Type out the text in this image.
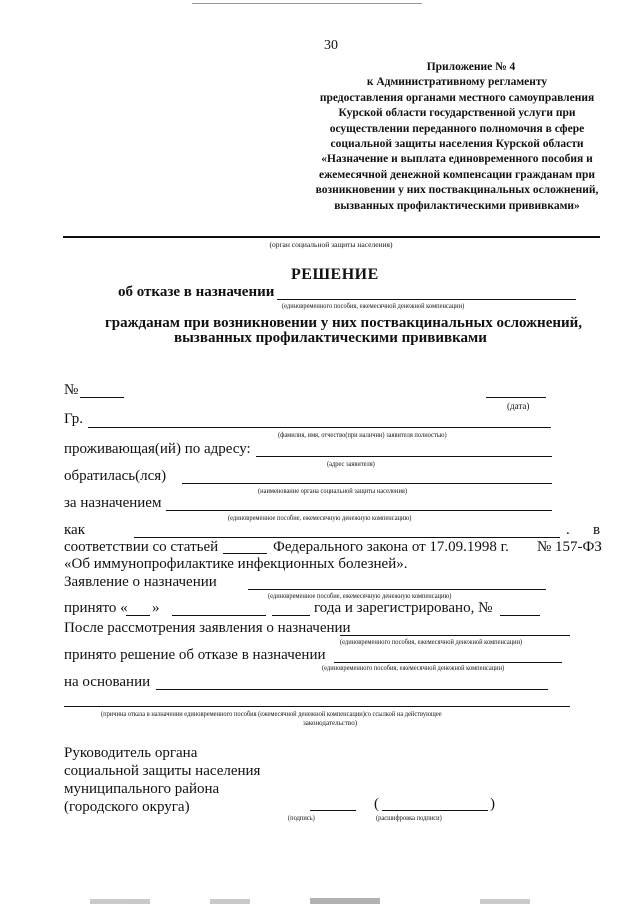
30
Приложение № 4
к Административному регламенту
предоставления органами местного самоуправления
Курской области государственной услуги при
осуществлении переданного полномочия в сфере
социальной защиты населения Курской области
«Назначение и выплата единовременного пособия и
ежемесячной денежной компенсации гражданам при
возникновении у них поствакцинальных осложнений,
вызванных профилактическими прививками»
(орган социальной защиты населения)
РЕШЕНИЕ
об отказе в назначении
(единовременного пособия, ежемесячной денежной компенсации)
гражданам при возникновении у них поствакцинальных осложнений,
вызванных профилактическими прививками
№
(дата)
Гр.
(фамилия, имя, отчество(при наличии) заявителя полностью)
проживающая(ий) по адресу:
(адрес заявителя)
обратилась(лся)
(наименование органа социальной защиты населения)
за назначением
(единовременное пособие, ежемесячную денежную компенсацию)
как	. в
соответствии со статьей	Федерального закона от 17.09.1998 г. № 157-ФЗ
«Об иммунопрофилактике инфекционных болезней».
Заявление о назначении
(единовременное пособие, ежемесячную денежную компенсацию)
принято « »	года и зарегистрировано, №
После рассмотрения заявления о назначении
(единовременного пособия, ежемесячной денежной компенсации)
принято решение об отказе в назначении
(единовременного пособия, ежемесячной денежной компенсации)
на основании
(причина отказа в назначении единовременного пособия (ежемесячной денежной компенсации)со ссылкой на действующее
законодательство)
Руководитель органа
социальной защиты населения
муниципального района
(городского округа)	(	)
(подпись)	(расшифровка подписи)
